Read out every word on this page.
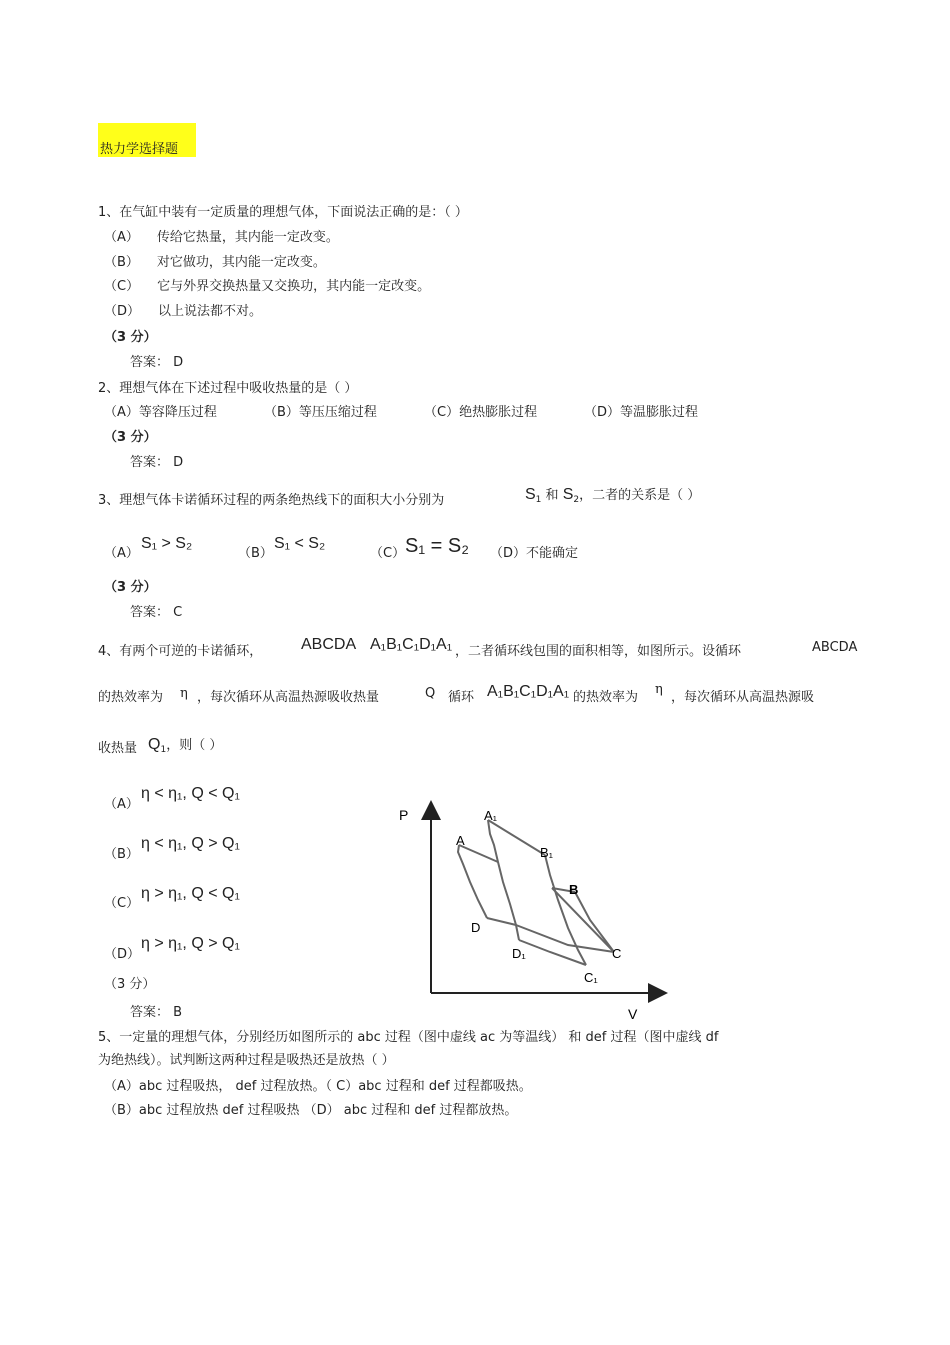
热力学选择题
1、在气缸中装有一定质量的理想气体，下面说法正确的是：（ ）
（A） 传给它热量，其内能一定改变。
（B） 对它做功，其内能一定改变。
（C） 它与外界交换热量又交换功，其内能一定改变。
（D） 以上说法都不对。
（3 分）
答案： D
2、理想气体在下述过程中吸收热量的是（ ）
（A）等容降压过程	（B）等压压缩过程	（C）绝热膨胀过程	（D）等温膨胀过程
（3 分）
答案： D
3、理想气体卡诺循环过程的两条绝热线下的面积大小分别为	$S_1$ 和 $S_2$，二者的关系是（ ）
（A）
S₁ > S₂
（B）
S₁ < S₂
（C） S₁ = S₂ （D）不能确定
（3 分）
答案： C
4、有两个可逆的卡诺循环， ABCDA A₁B₁C₁D₁A₁ ，二者循环线包围的面积相等，如图所示。设循环	ABCDA
的热效率为 η ，每次循环从高温热源吸收热量	Q 循环 A₁B₁C₁D₁A₁ 的热效率为
η
，每次循环从高温热源吸
收热量 $Q_1$，则（ ）
（A）
η < η₁, Q < Q₁
（B）
η < η₁, Q > Q₁
（C）
η > η₁, Q < Q₁
（D）
η > η₁, Q > Q₁
（3 分）
答案： B
P
V
A
B
C
D
A₁
B₁
C₁
D₁
5、一定量的理想气体，分别经历如图所示的 abc 过程（图中虚线 ac 为等温线） 和 def 过程（图中虚线 df
为绝热线）。试判断这两种过程是吸热还是放热（ ）
（A）abc 过程吸热， def 过程放热。（ C）abc 过程和 def 过程都吸热。
（B）abc 过程放热 def 过程吸热 （D） abc 过程和 def 过程都放热。
